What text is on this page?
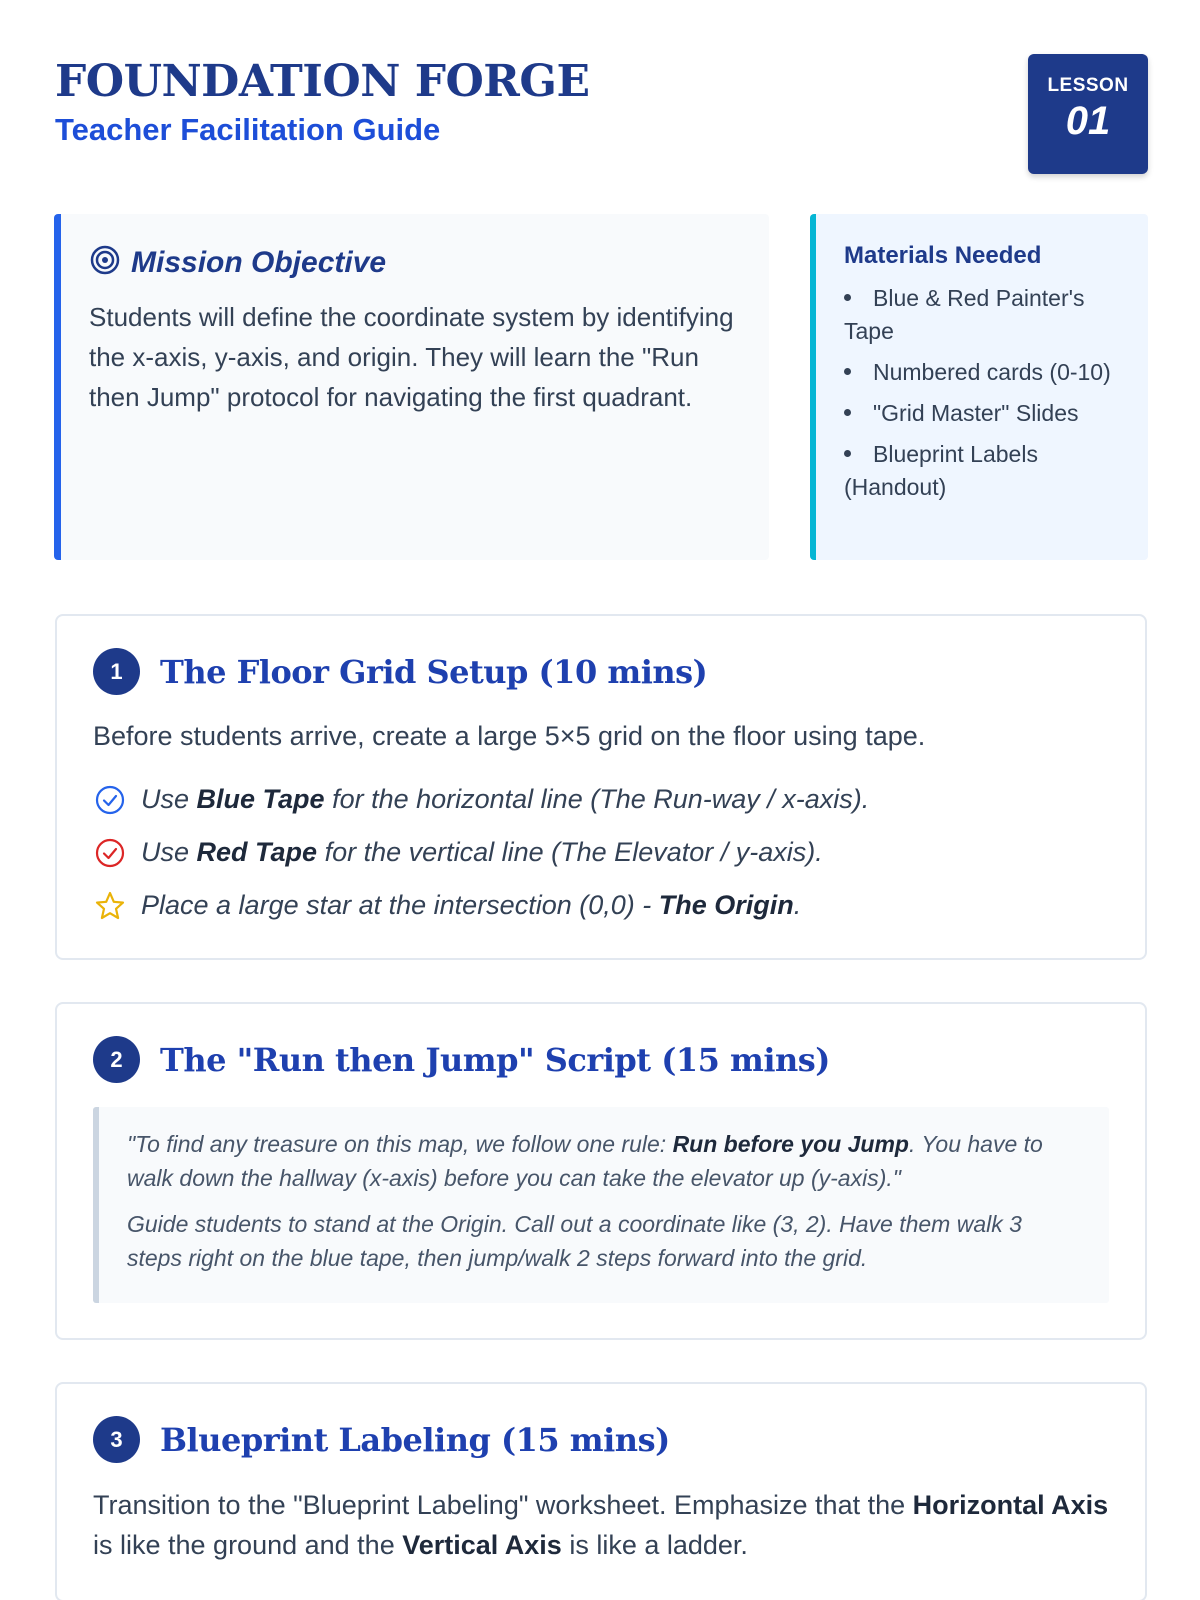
FOUNDATION FORGE
Teacher Facilitation Guide
LESSON
01
Mission Objective

Students will define the coordinate system by identifying the x-axis, y-axis, and origin. They will learn the "Run then Jump" protocol for navigating the first quadrant.

Materials Needed
Blue & Red Painter's Tape
Numbered cards (0-10)
"Grid Master" Slides
Blueprint Labels (Handout)
1	The Floor Grid Setup (10 mins)

Before students arrive, create a large 5×5 grid on the floor using tape.

Use Blue Tape for the horizontal line (The Run-way / x-axis).
Use Red Tape for the vertical line (The Elevator / y-axis).
Place a large star at the intersection (0,0) - The Origin.
2	The "Run then Jump" Script (15 mins)

"To find any treasure on this map, we follow one rule: Run before you Jump. You have to walk down the hallway (x-axis) before you can take the elevator up (y-axis)."

Guide students to stand at the Origin. Call out a coordinate like (3, 2). Have them walk 3 steps right on the blue tape, then jump/walk 2 steps forward into the grid.

3	Blueprint Labeling (15 mins)

Transition to the "Blueprint Labeling" worksheet. Emphasize that the Horizontal Axis is like the ground and the Vertical Axis is like a ladder.
